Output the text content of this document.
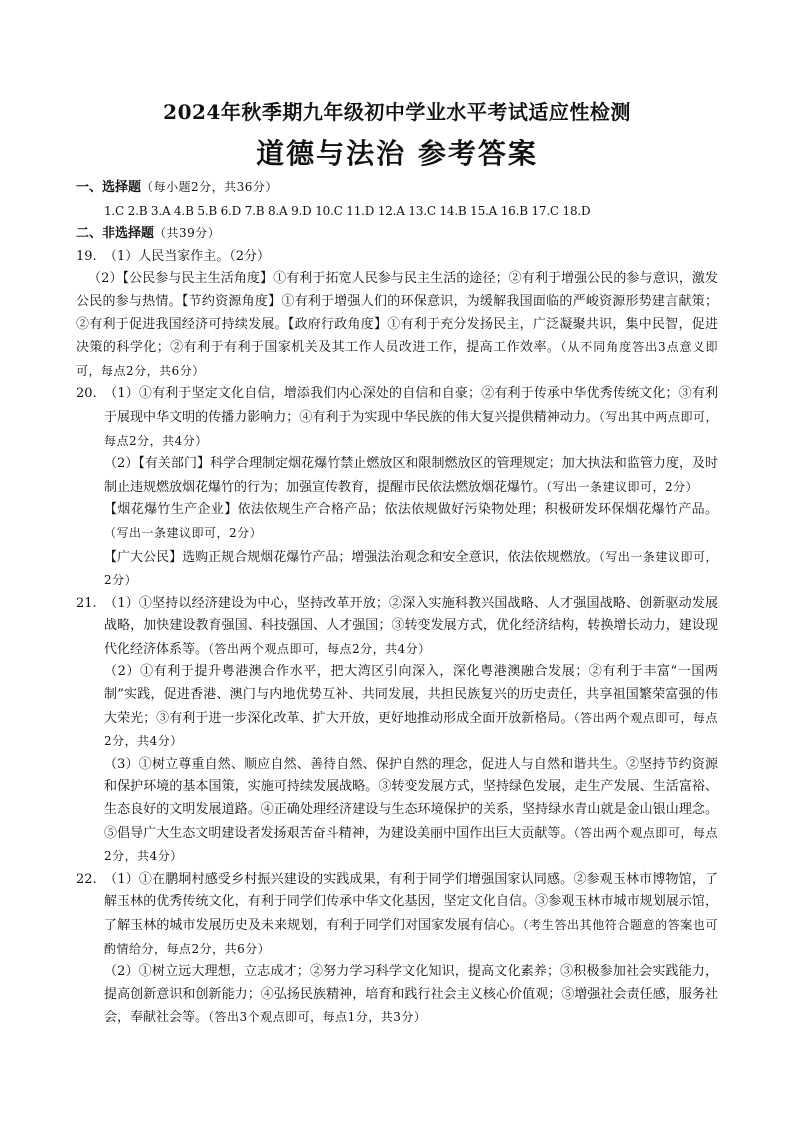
2024年秋季期九年级初中学业水平考试适应性检测
道德与法治 参考答案

一、选择题（每小题2分，共36分）

1.C 2.B 3.A 4.B 5.B 6.D 7.B 8.A 9.D 10.C 11.D 12.A 13.C 14.B 15.A 16.B 17.C 18.D

二、非选择题（共39分）

19. （1）人民当家作主。（2分）

（2）【公民参与民主生活角度】①有利于拓宽人民参与民主生活的途径；②有利于增强公民的参与意识，激发公民的参与热情。【节约资源角度】①有利于增强人们的环保意识，为缓解我国面临的严峻资源形势建言献策；②有利于促进我国经济可持续发展。【政府行政角度】①有利于充分发扬民主，广泛凝聚共识，集中民智，促进决策的科学化；②有利于有利于国家机关及其工作人员改进工作，提高工作效率。（从不同角度答出3点意义即可，每点2分，共6分）

20. （1）①有利于坚定文化自信，增添我们内心深处的自信和自豪；②有利于传承中华优秀传统文化；③有利于展现中华文明的传播力影响力；④有利于为实现中华民族的伟大复兴提供精神动力。（写出其中两点即可，每点2分，共4分）

（2）【有关部门】科学合理制定烟花爆竹禁止燃放区和限制燃放区的管理规定；加大执法和监管力度，及时制止违规燃放烟花爆竹的行为；加强宣传教育，提醒市民依法燃放烟花爆竹。（写出一条建议即可，2分）

【烟花爆竹生产企业】依法依规生产合格产品；依法依规做好污染物处理；积极研发环保烟花爆竹产品。（写出一条建议即可，2分）

【广大公民】选购正规合规烟花爆竹产品；增强法治观念和安全意识，依法依规燃放。（写出一条建议即可，2分）

21. （1）①坚持以经济建设为中心，坚持改革开放；②深入实施科教兴国战略、人才强国战略、创新驱动发展战略，加快建设教育强国、科技强国、人才强国；③转变发展方式，优化经济结构，转换增长动力，建设现代化经济体系等。（答出两个观点即可，每点2分，共4分）

（2）①有利于提升粤港澳合作水平，把大湾区引向深入，深化粤港澳融合发展；②有利于丰富“一国两制”实践，促进香港、澳门与内地优势互补、共同发展，共担民族复兴的历史责任，共享祖国繁荣富强的伟大荣光；③有利于进一步深化改革、扩大开放，更好地推动形成全面开放新格局。（答出两个观点即可，每点2分，共4分）

（3）①树立尊重自然、顺应自然、善待自然、保护自然的理念，促进人与自然和谐共生。②坚持节约资源和保护环境的基本国策，实施可持续发展战略。③转变发展方式，坚持绿色发展，走生产发展、生活富裕、生态良好的文明发展道路。④正确处理经济建设与生态环境保护的关系，坚持绿水青山就是金山银山理念。⑤倡导广大生态文明建设者发扬艰苦奋斗精神，为建设美丽中国作出巨大贡献等。（答出两个观点即可，每点2分，共4分）

22. （1）①在鹏垌村感受乡村振兴建设的实践成果，有利于同学们增强国家认同感。②参观玉林市博物馆，了解玉林的优秀传统文化，有利于同学们传承中华文化基因，坚定文化自信。③参观玉林市城市规划展示馆，了解玉林的城市发展历史及未来规划，有利于同学们对国家发展有信心。（考生答出其他符合题意的答案也可酌情给分，每点2分，共6分）

（2）①树立远大理想，立志成才；②努力学习科学文化知识，提高文化素养；③积极参加社会实践能力，提高创新意识和创新能力；④弘扬民族精神，培育和践行社会主义核心价值观；⑤增强社会责任感，服务社会，奉献社会等。（答出3个观点即可，每点1分，共3分）
